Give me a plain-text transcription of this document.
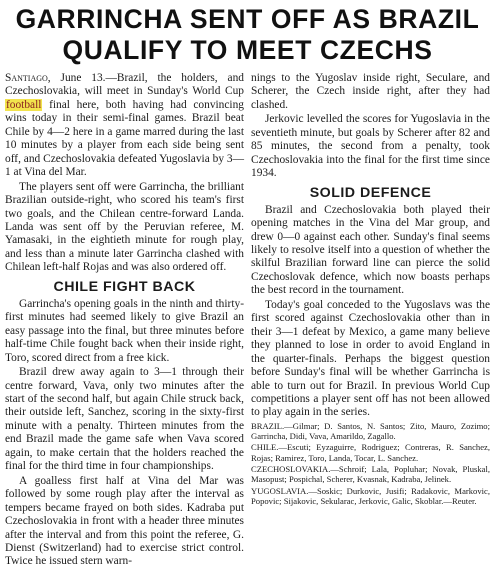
GARRINCHA SENT OFF AS BRAZIL
QUALIFY TO MEET CZECHS

Santiago, June 13.—Brazil, the holders, and Czechoslovakia, will meet in Sunday's World Cup football final here, both having had convincing wins today in their semi-final games. Brazil beat Chile by 4—2 here in a game marred during the last 10 minutes by a player from each side being sent off, and Czechoslovakia defeated Yugoslavia by 3—1 at Vina del Mar.

The players sent off were Garrincha, the brilliant Brazilian outside-right, who scored his team's first two goals, and the Chilean centre-forward Landa. Landa was sent off by the Peruvian referee, M. Yamasaki, in the eightieth minute for rough play, and less than a minute later Garrincha clashed with Chilean left-half Rojas and was also ordered off.

CHILE FIGHT BACK

Garrincha's opening goals in the ninth and thirty-first minutes had seemed likely to give Brazil an easy passage into the final, but three minutes before half-time Chile fought back when their inside right, Toro, scored direct from a free kick.

Brazil drew away again to 3—1 through their centre forward, Vava, only two minutes after the start of the second half, but again Chile struck back, their outside left, Sanchez, scoring in the sixty-first minute with a penalty. Thirteen minutes from the end Brazil made the game safe when Vava scored again, to make certain that the holders reached the final for the third time in four championships.

A goalless first half at Vina del Mar was followed by some rough play after the interval as tempers became frayed on both sides. Kadraba put Czechoslovakia in front with a header three minutes after the interval and from this point the referee, G. Dienst (Switzerland) had to exercise strict control. Twice he issued stern warn-

nings to the Yugoslav inside right, Seculare, and Scherer, the Czech inside right, after they had clashed.

Jerkovic levelled the scores for Yugoslavia in the seventieth minute, but goals by Scherer after 82 and 85 minutes, the second from a penalty, took Czechoslovakia into the final for the first time since 1934.

SOLID DEFENCE

Brazil and Czechoslovakia both played their opening matches in the Vina del Mar group, and drew 0—0 against each other. Sunday's final seems likely to resolve itself into a question of whether the skilful Brazilian forward line can pierce the solid Czechoslovak defence, which now boasts perhaps the best record in the tournament.

Today's goal conceded to the Yugoslavs was the first scored against Czechoslovakia other than in their 3—1 defeat by Mexico, a game many believe they planned to lose in order to avoid England in the quarter-finals. Perhaps the biggest question before Sunday's final will be whether Garrincha is able to turn out for Brazil. In previous World Cup competitions a player sent off has not been allowed to play again in the series.

BRAZIL.—Gilmar; D. Santos, N. Santos; Zito, Mauro, Zozimo; Garrincha, Didi, Vava, Amarildo, Zagallo.

CHILE.—Escuti; Eyzaguirre, Rodriguez; Contreras, R. Sanchez, Rojas; Ramirez, Toro, Landa, Tocar, L. Sanchez.

CZECHOSLOVAKIA.—Schroif; Lala, Popluhar; Novak, Pluskal, Masopust; Pospichal, Scherer, Kvasnak, Kadraba, Jelinek.

YUGOSLAVIA.—Soskic; Durkovic, Jusifi; Radakovic, Markovic, Popovic; Sijakovic, Sekularac, Jerkovic, Galic, Skoblar.—Reuter.
